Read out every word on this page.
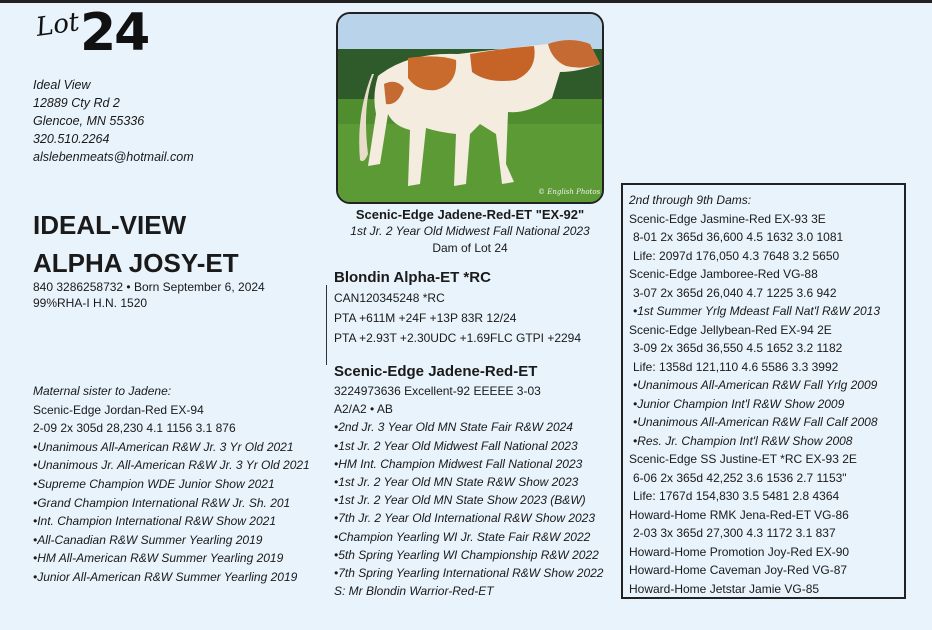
Lot
24
Ideal View
12889 Cty Rd 2
Glencoe, MN 55336
320.510.2264
alslebenmeats@hotmail.com
IDEAL-VIEW
ALPHA JOSY-ET
840 3286258732 • Born September 6, 2024
99%RHA-I H.N. 1520
© English Photos
Scenic-Edge Jadene-Red-ET "EX-92"
1st Jr. 2 Year Old Midwest Fall National 2023
Dam of Lot 24
Blondin Alpha-ET *RC
CAN120345248 *RC
PTA +611M +24F +13P 83R 12/24
PTA +2.93T +2.30UDC +1.69FLC GTPI +2294
Scenic-Edge Jadene-Red-ET
3224973636 Excellent-92 EEEEE 3-03
A2/A2 • AB
•2nd Jr. 3 Year Old MN State Fair R&W 2024
•1st Jr. 2 Year Old Midwest Fall National 2023
•HM Int. Champion Midwest Fall National 2023
•1st Jr. 2 Year Old MN State R&W Show 2023
•1st Jr. 2 Year Old MN State Show 2023 (B&W)
•7th Jr. 2 Year Old International R&W Show 2023
•Champion Yearling WI Jr. State Fair R&W 2022
•5th Spring Yearling WI Championship R&W 2022
•7th Spring Yearling International R&W Show 2022
S: Mr Blondin Warrior-Red-ET
Maternal sister to Jadene:
Scenic-Edge Jordan-Red EX-94
2-09 2x 305d 28,230 4.1 1156 3.1 876
•Unanimous All-American R&W Jr. 3 Yr Old 2021
•Unanimous Jr. All-American R&W Jr. 3 Yr Old 2021
•Supreme Champion WDE Junior Show 2021
•Grand Champion International R&W Jr. Sh. 201
•Int. Champion International R&W Show 2021
•All-Canadian R&W Summer Yearling 2019
•HM All-American R&W Summer Yearling 2019
•Junior All-American R&W Summer Yearling 2019
2nd through 9th Dams:
Scenic-Edge Jasmine-Red EX-93 3E
8-01 2x 365d 36,600 4.5 1632 3.0 1081
Life: 2097d 176,050 4.3 7648 3.2 5650
Scenic-Edge Jamboree-Red VG-88
3-07 2x 365d 26,040 4.7 1225 3.6 942
•1st Summer Yrlg Mdeast Fall Nat'l R&W 2013
Scenic-Edge Jellybean-Red EX-94 2E
3-09 2x 365d 36,550 4.5 1652 3.2 1182
Life: 1358d 121,110 4.6 5586 3.3 3992
•Unanimous All-American R&W Fall Yrlg 2009
•Junior Champion Int'l R&W Show 2009
•Unanimous All-American R&W Fall Calf 2008
•Res. Jr. Champion Int'l R&W Show 2008
Scenic-Edge SS Justine-ET *RC EX-93 2E
6-06 2x 365d 42,252 3.6 1536 2.7 1153"
Life: 1767d 154,830 3.5 5481 2.8 4364
Howard-Home RMK Jena-Red-ET VG-86
2-03 3x 365d 27,300 4.3 1172 3.1 837
Howard-Home Promotion Joy-Red EX-90
Howard-Home Caveman Joy-Red VG-87
Howard-Home Jetstar Jamie VG-85
